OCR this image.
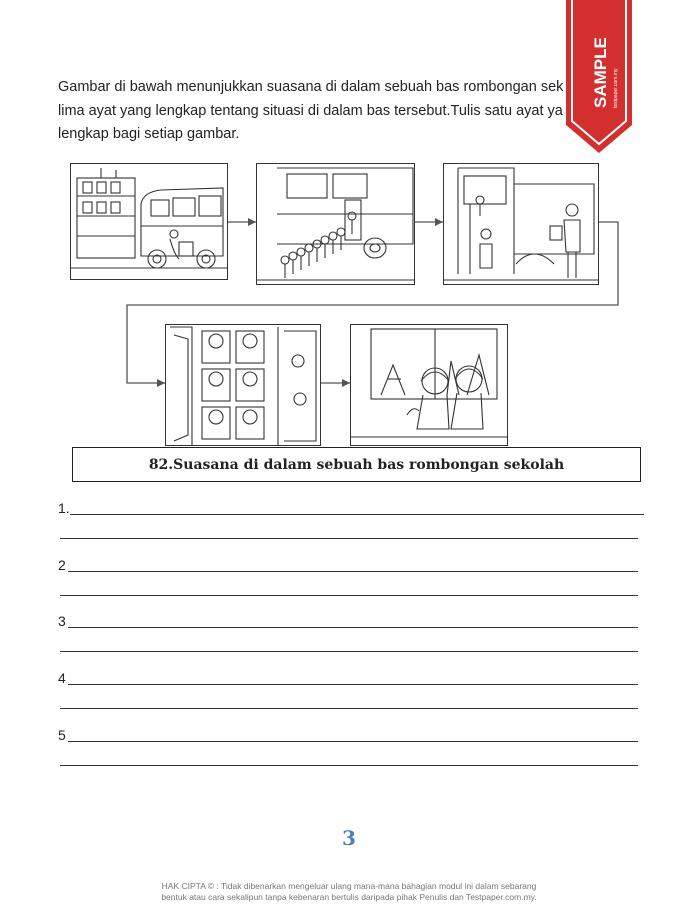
Gambar di bawah menunjukkan suasana di dalam sebuah bas rombongan sek
lima ayat yang lengkap tentang situasi di dalam bas tersebut.Tulis satu ayat ya
lengkap bagi setiap gambar.
SAMPLE testpaper.com.my
82.Suasana di dalam sebuah bas rombongan sekolah
1.
2
3
4
5
3
HAK CIPTA © : Tidak dibenarkan mengeluar ulang mana-mana bahagian modul ini dalam sebarang
bentuk atau cara sekalipun tanpa kebenaran bertulis daripada pihak Penulis dan Testpaper.com.my.
